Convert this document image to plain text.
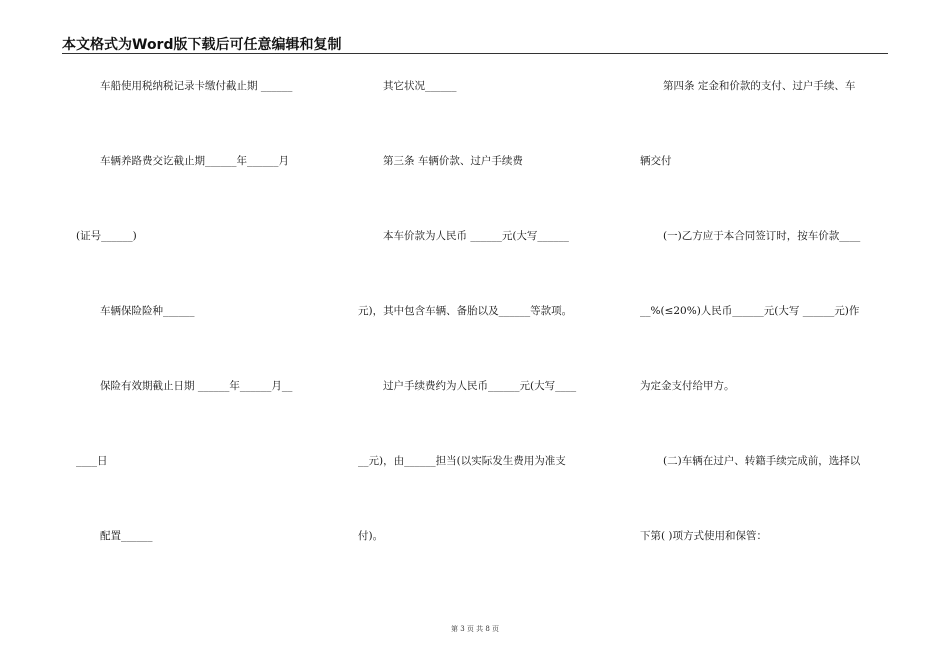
本文格式为Word版下载后可任意编辑和复制
车船使用税纳税记录卡缴付截止期 ______
车辆养路费交讫截止期______年______月
(证号______)
车辆保险险种______
保险有效期截止日期 ______年______月__
____日
配置______
其它状况______
第三条 车辆价款、过户手续费
本车价款为人民币 ______元(大写______
元)，其中包含车辆、备胎以及______等款项。
过户手续费约为人民币______元(大写____
__元)，由______担当(以实际发生费用为准支
付)。
第四条 定金和价款的支付、过户手续、车
辆交付
(一)乙方应于本合同签订时，按车价款____
__%(≤20%)人民币______元(大写 ______元)作
为定金支付给甲方。
(二)车辆在过户、转籍手续完成前，选择以
下第( )项方式使用和保管：
第 3 页 共 8 页
